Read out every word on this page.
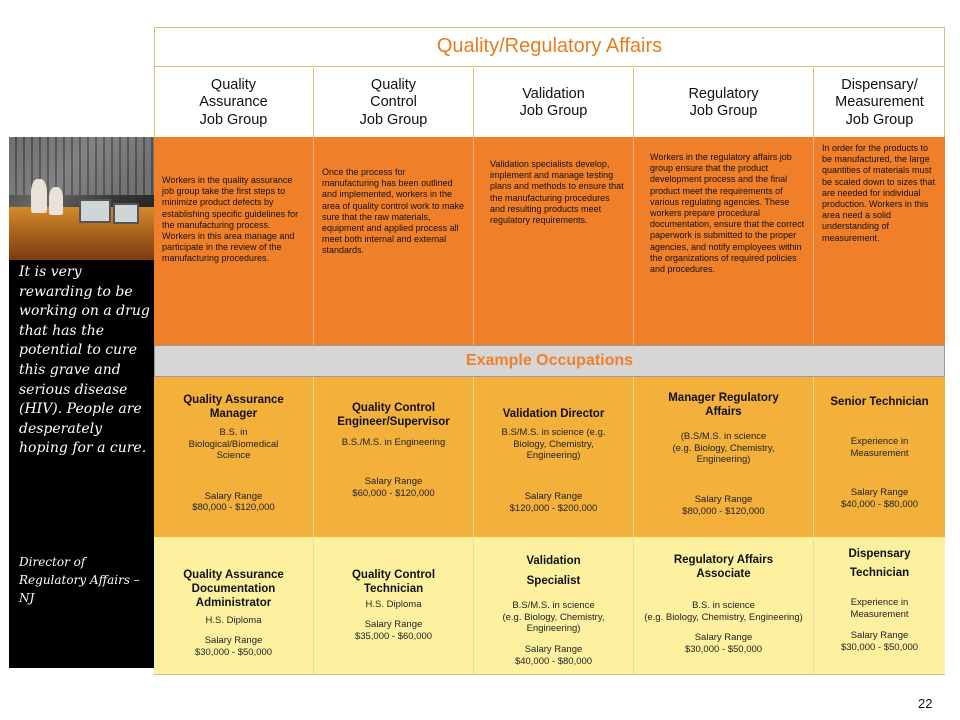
It is very rewarding to be working on a drug that has the potential to cure this grave and serious disease (HIV). People are desperately hoping for a cure.
Director of Regulatory Affairs – NJ
Quality/Regulatory Affairs
Quality
Assurance
Job Group
Quality
Control
Job Group
Validation
Job Group
Regulatory
Job Group
Dispensary/
Measurement
Job Group
Workers in the quality assurance job group take the first steps to minimize product defects by establishing specific guidelines for the manufacturing process. Workers in this area manage and participate in the review of the manufacturing procedures.
Once the process for manufacturing has been outlined and implemented, workers in the area of quality control work to make sure that the raw materials, equipment and applied process all meet both internal and external standards.
Validation specialists develop, implement and manage testing plans and methods to ensure that the manufacturing procedures and resulting products meet regulatory requirements.
Workers in the regulatory affairs job group ensure that the product development process and the final product meet the requirements of various regulating agencies. These workers prepare procedural documentation, ensure that the correct paperwork is submitted to the proper agencies, and notify employees within the organizations of required policies and procedures.
In order for the products to be manufactured, the large quantities of materials must be scaled down to sizes that are needed for individual production. Workers in this area need a solid understanding of measurement.
Example Occupations
Quality Assurance
Manager
B.S. in
Biological/Biomedical
Science
Salary Range
$80,000 - $120,000
Quality Control
Engineer/Supervisor
B.S./M.S. in Engineering
Salary Range
$60,000 - $120,000
Validation Director
B.S/M.S. in science (e.g.
Biology, Chemistry,
Engineering)
Salary Range
$120,000 - $200,000
Manager Regulatory
Affairs
(B.S/M.S. in science
(e.g. Biology, Chemistry,
Engineering)
Salary Range
$80,000 - $120,000
Senior Technician
Experience in
Measurement
Salary Range
$40,000 - $80,000
Quality Assurance
Documentation
Administrator
H.S. Diploma
Salary Range
$30,000 - $50,000
Quality Control
Technician
H.S. Diploma
Salary Range
$35,000 - $60,000
Validation
Specialist
B.S/M.S. in science
(e.g. Biology, Chemistry,
Engineering)
Salary Range
$40,000 - $80,000
Regulatory Affairs
Associate
B.S. in science
(e.g. Biology, Chemistry, Engineering)
Salary Range
$30,000 - $50,000
Dispensary
Technician
Experience in
Measurement
Salary Range
$30,000 - $50,000
22
